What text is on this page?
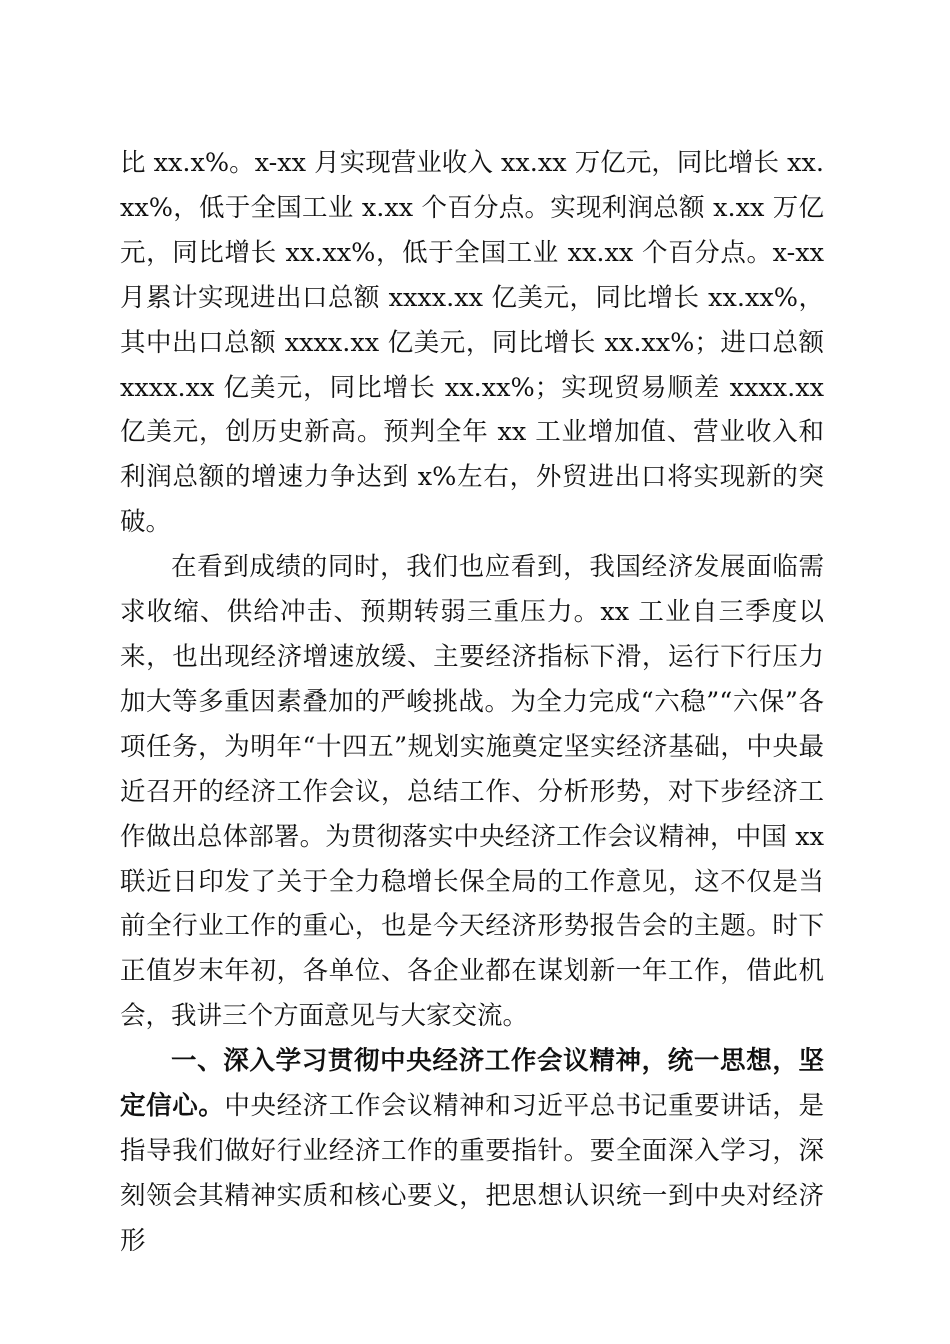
比 xx.x%。x-xx 月实现营业收入 xx.xx 万亿元，同比增长 xx.xx%，低于全国工业 x.xx 个百分点。实现利润总额 x.xx 万亿元，同比增长 xx.xx%，低于全国工业 xx.xx 个百分点。x-xx 月累计实现进出口总额 xxxx.xx 亿美元，同比增长 xx.xx%，其中出口总额 xxxx.xx 亿美元，同比增长 xx.xx%；进口总额 xxxx.xx 亿美元，同比增长 xx.xx%；实现贸易顺差 xxxx.xx 亿美元，创历史新高。预判全年 xx 工业增加值、营业收入和利润总额的增速力争达到 x%左右，外贸进出口将实现新的突破。

在看到成绩的同时，我们也应看到，我国经济发展面临需求收缩、供给冲击、预期转弱三重压力。xx 工业自三季度以来，也出现经济增速放缓、主要经济指标下滑，运行下行压力加大等多重因素叠加的严峻挑战。为全力完成“六稳”“六保”各项任务，为明年“十四五”规划实施奠定坚实经济基础，中央最近召开的经济工作会议，总结工作、分析形势，对下步经济工作做出总体部署。为贯彻落实中央经济工作会议精神，中国 xx 联近日印发了关于全力稳增长保全局的工作意见，这不仅是当前全行业工作的重心，也是今天经济形势报告会的主题。时下正值岁末年初，各单位、各企业都在谋划新一年工作，借此机会，我讲三个方面意见与大家交流。

一、深入学习贯彻中央经济工作会议精神，统一思想，坚定信心。中央经济工作会议精神和习近平总书记重要讲话，是指导我们做好行业经济工作的重要指针。要全面深入学习，深刻领会其精神实质和核心要义，把思想认识统一到中央对经济形
